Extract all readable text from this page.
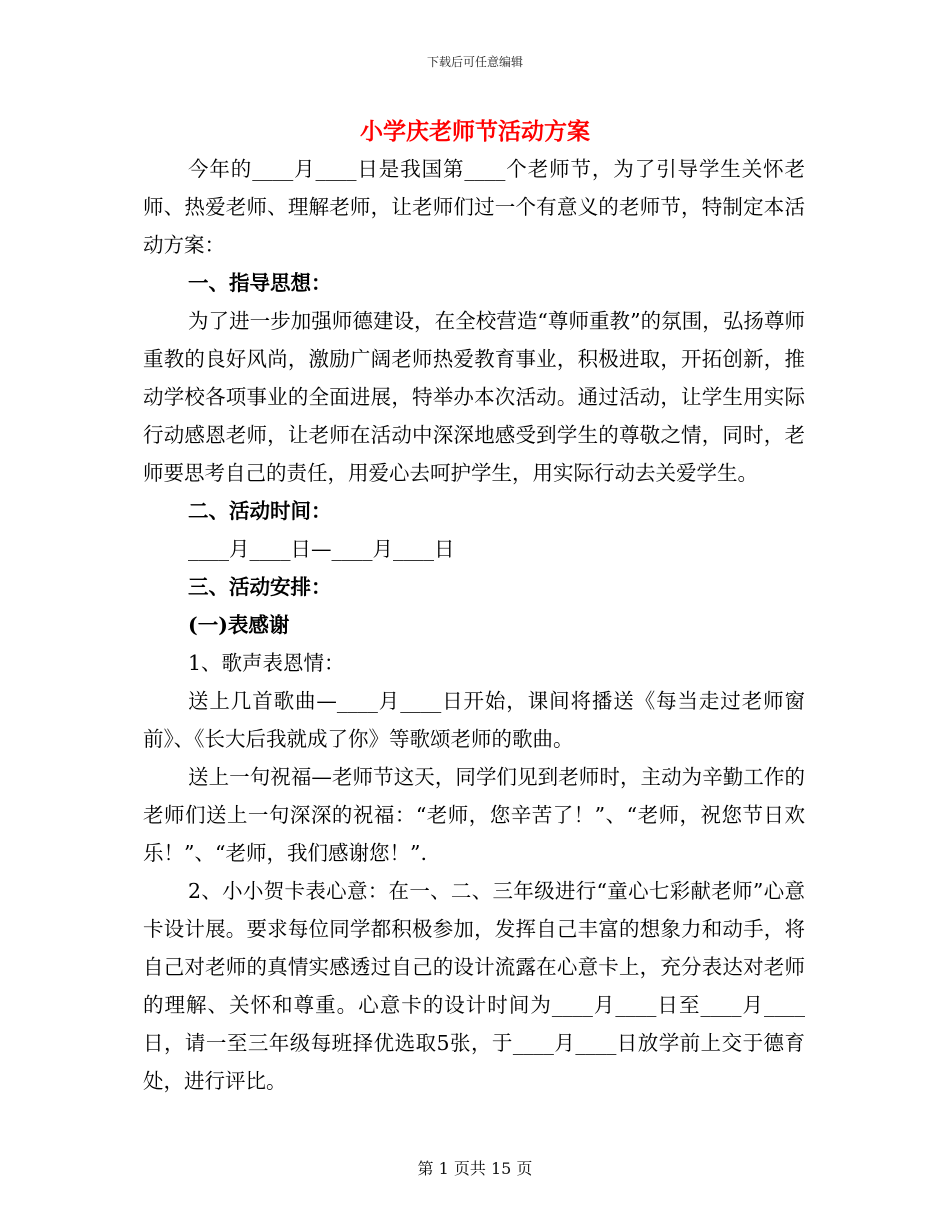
下载后可任意编辑
小学庆老师节活动方案

今年的____月____日是我国第____个老师节，为了引导学生关怀老师、热爱老师、理解老师，让老师们过一个有意义的老师节，特制定本活动方案：

一、指导思想：

为了进一步加强师德建设，在全校营造“尊师重教”的氛围，弘扬尊师重教的良好风尚，激励广阔老师热爱教育事业，积极进取，开拓创新，推动学校各项事业的全面进展，特举办本次活动。通过活动，让学生用实际行动感恩老师，让老师在活动中深深地感受到学生的尊敬之情，同时，老师要思考自己的责任，用爱心去呵护学生，用实际行动去关爱学生。

二、活动时间：

____月____日—____月____日

三、活动安排：

(一)表感谢

1、歌声表恩情：

送上几首歌曲—____月____日开始，课间将播送《每当走过老师窗前》、《长大后我就成了你》等歌颂老师的歌曲。

送上一句祝福—老师节这天，同学们见到老师时，主动为辛勤工作的老师们送上一句深深的祝福：“老师，您辛苦了！”、“老师，祝您节日欢乐！”、“老师，我们感谢您！”.

2、小小贺卡表心意：在一、二、三年级进行“童心七彩献老师”心意卡设计展。要求每位同学都积极参加，发挥自己丰富的想象力和动手，将自己对老师的真情实感透过自己的设计流露在心意卡上，充分表达对老师的理解、关怀和尊重。心意卡的设计时间为____月____日至____月____日，请一至三年级每班择优选取5张，于____月____日放学前上交于德育处，进行评比。

第 1 页共 15 页
